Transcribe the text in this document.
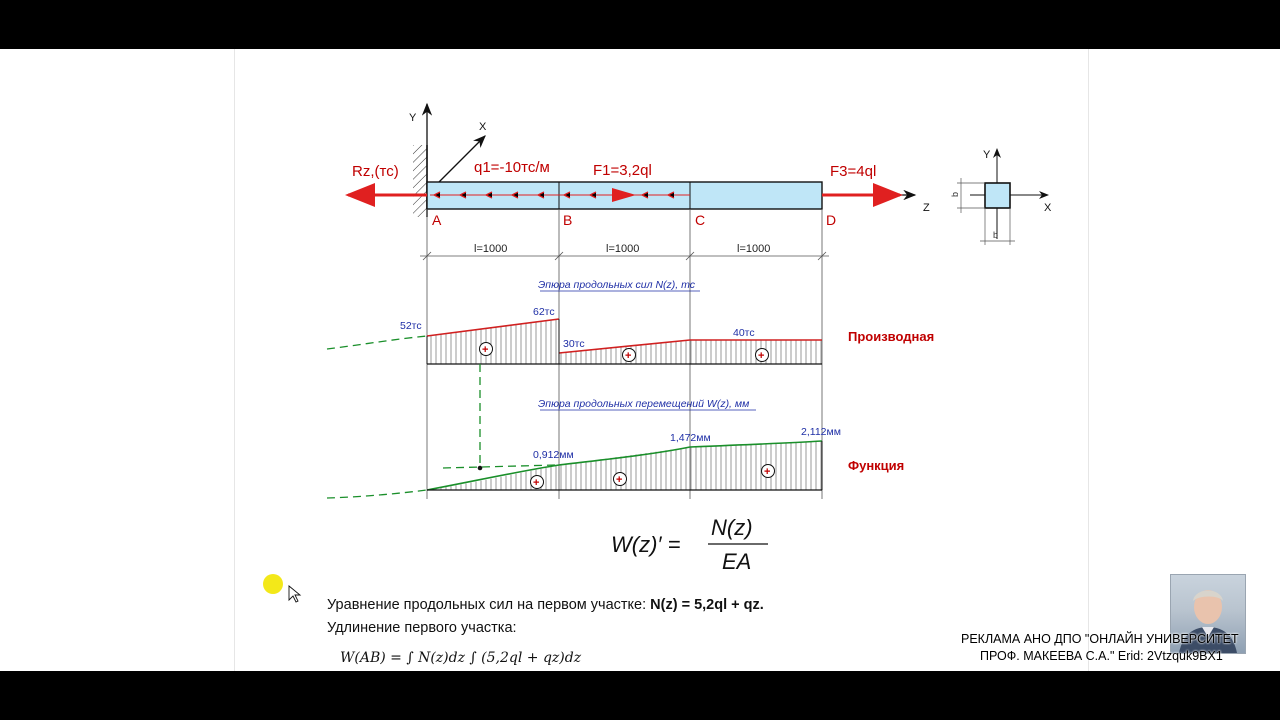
Y
X
Z
Rz,(тс)	q1=-10тс/м	F1=3,2ql	F3=4ql
A	B	C	D
l=1000	l=1000	l=1000
Y
X
b
b
Эпюра продольных сил N(z), тс
52тс
62тс
30тс
40тс
+	+	+
Производная
Эпюра продольных перемещений W(z), мм
0,912мм
1,472мм	2,112мм
+	+
+	Функция
W(z)′ =
N(z)
EA
Уравнение продольных сил на первом участке: N(z) = 5,2ql + qz.
Удлинение первого участка:
W(AB) = ∫ N(z)dz ∫ (5,2ql + qz)dz
РЕКЛАМА АНО ДПО "ОНЛАЙН УНИВЕРСИТЕТ
ПРОФ. МАКЕЕВА С.А." Erid: 2Vtzquk9BX1
